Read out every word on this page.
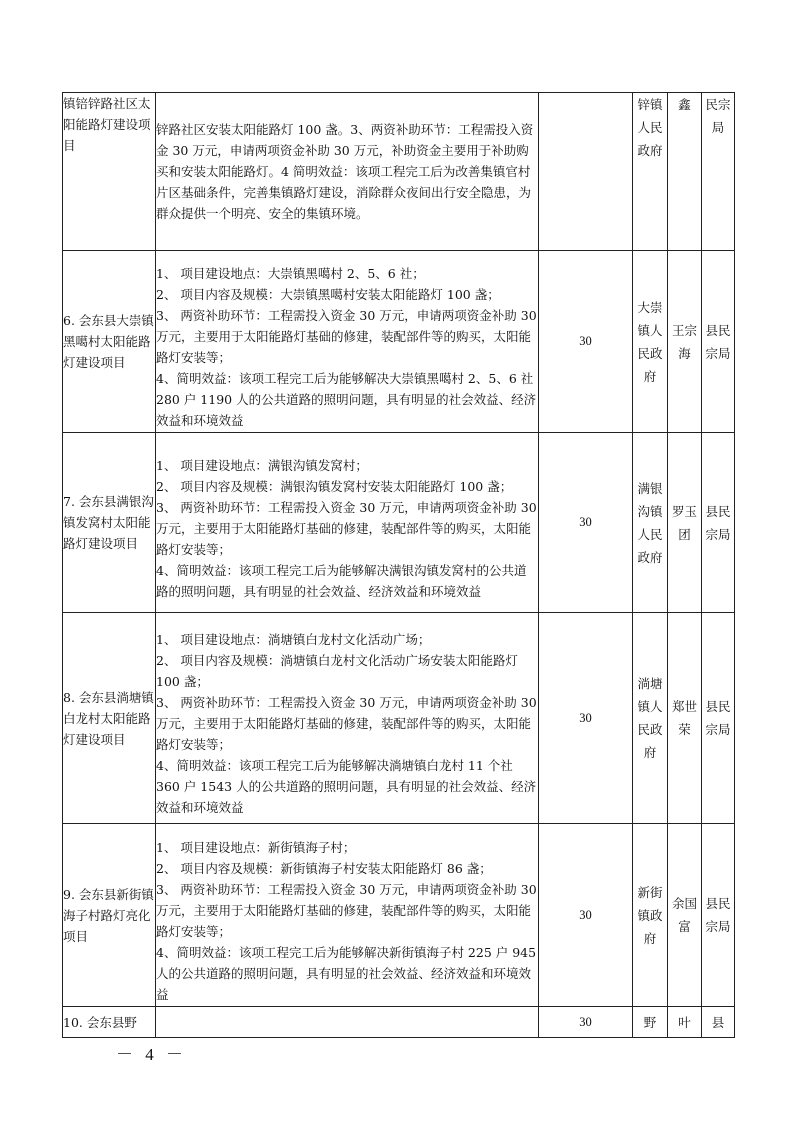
镇锫锌路社区太阳能路灯建设项目	锌路社区安装太阳能路灯 100 盏。3、两资补助环节：工程需投入资金 30 万元，申请两项资金补助 30 万元，补助资金主要用于补助购买和安装太阳能路灯。4 简明效益：该项工程完工后为改善集镇官村片区基础条件，完善集镇路灯建设，消除群众夜间出行安全隐患，为群众提供一个明亮、安全的集镇环境。		锌镇人民政府	鑫	民宗局

6. 会东县大崇镇黑噶村太阳能路灯建设项目	1、 项目建设地点：大崇镇黑噶村 2、5、6 社；
2、 项目内容及规模：大崇镇黑噶村安装太阳能路灯 100 盏；
3、 两资补助环节：工程需投入资金 30 万元，申请两项资金补助 30 万元，主要用于太阳能路灯基础的修建，装配部件等的购买，太阳能路灯安装等；
4、简明效益：该项工程完工后为能够解决大崇镇黑噶村 2、5、6 社 280 户 1190 人的公共道路的照明问题，具有明显的社会效益、经济效益和环境效益	30	大崇镇人民政府	王宗海	县民宗局

7. 会东县满银沟镇发窝村太阳能路灯建设项目	1、 项目建设地点：满银沟镇发窝村；
2、 项目内容及规模：满银沟镇发窝村安装太阳能路灯 100 盏；
3、 两资补助环节：工程需投入资金 30 万元，申请两项资金补助 30 万元，主要用于太阳能路灯基础的修建，装配部件等的购买，太阳能路灯安装等；
4、简明效益：该项工程完工后为能够解决满银沟镇发窝村的公共道路的照明问题，具有明显的社会效益、经济效益和环境效益	30	满银沟镇人民政府	罗玉团	县民宗局

8. 会东县淌塘镇白龙村太阳能路灯建设项目	1、 项目建设地点：淌塘镇白龙村文化活动广场；
2、 项目内容及规模：淌塘镇白龙村文化活动广场安装太阳能路灯 100 盏；
3、 两资补助环节：工程需投入资金 30 万元，申请两项资金补助 30 万元，主要用于太阳能路灯基础的修建，装配部件等的购买，太阳能路灯安装等；
4、简明效益：该项工程完工后为能够解决淌塘镇白龙村 11 个社 360 户 1543 人的公共道路的照明问题，具有明显的社会效益、经济效益和环境效益	30	淌塘镇人民政府	郑世荣	县民宗局

9. 会东县新街镇海子村路灯亮化项目	1、 项目建设地点：新街镇海子村；
2、 项目内容及规模：新街镇海子村安装太阳能路灯 86 盏；
3、 两资补助环节：工程需投入资金 30 万元，申请两项资金补助 30 万元，主要用于太阳能路灯基础的修建，装配部件等的购买，太阳能路灯安装等；
4、简明效益：该项工程完工后为能够解决新街镇海子村 225 户 945 人的公共道路的照明问题，具有明显的社会效益、经济效益和环境效益	30	新街镇政府	余国富	县民宗局

10. 会东县野		30	野	叶	县
－ 4 －
